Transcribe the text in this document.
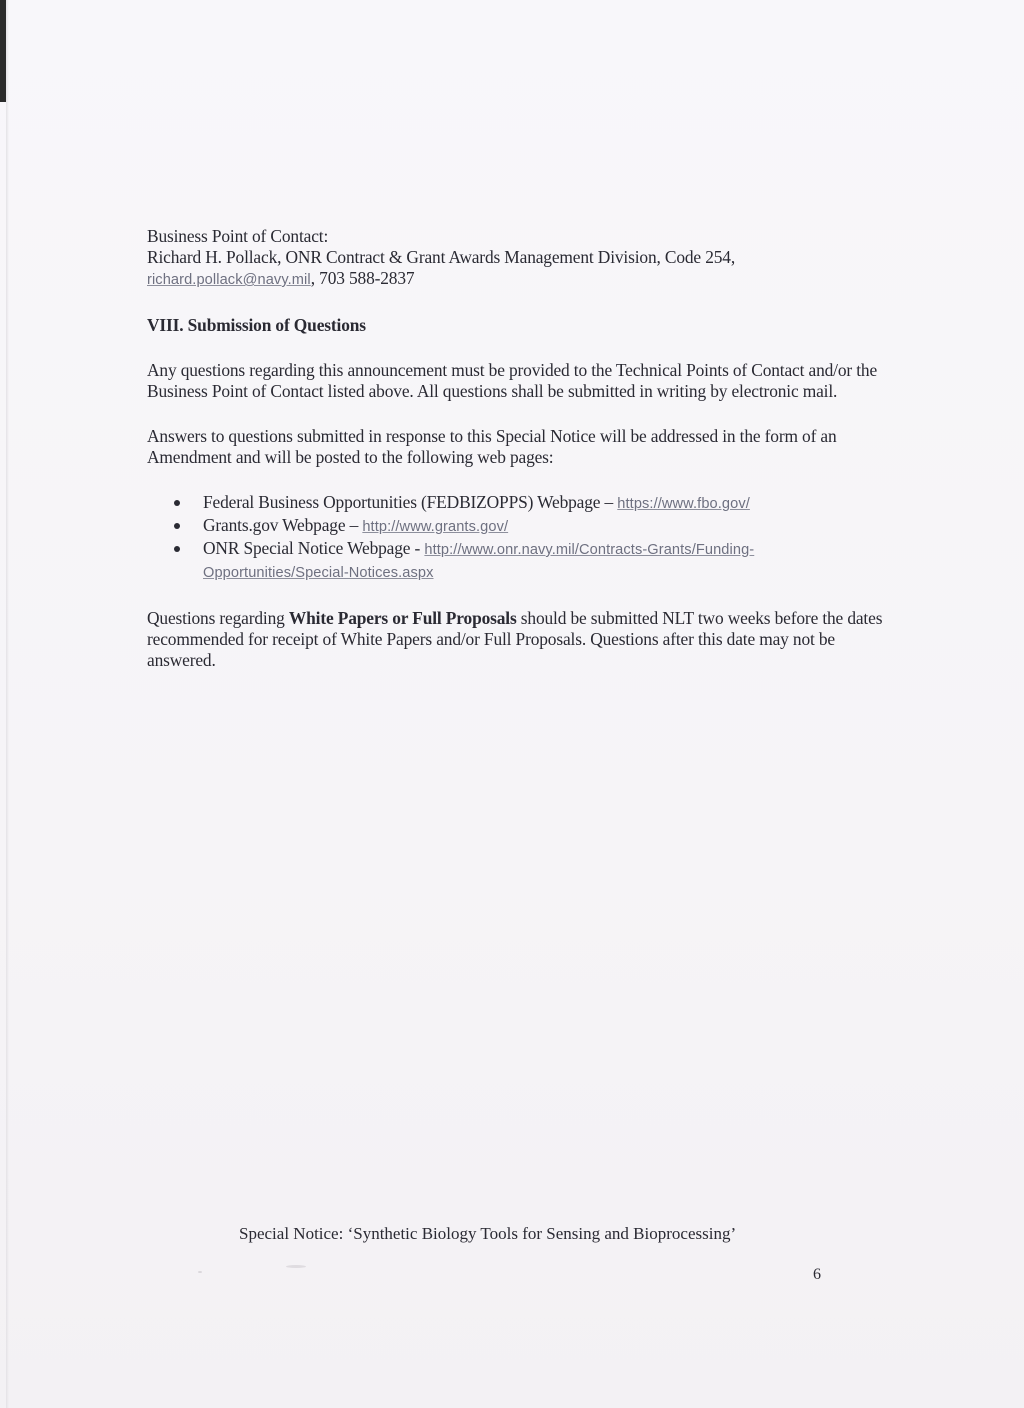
Business Point of Contact:
Richard H. Pollack, ONR Contract & Grant Awards Management Division, Code 254,
richard.pollack@navy.mil, 703 588-2837
VIII. Submission of Questions
Any questions regarding this announcement must be provided to the Technical Points of Contact and/or the Business Point of Contact listed above. All questions shall be submitted in writing by electronic mail.
Answers to questions submitted in response to this Special Notice will be addressed in the form of an Amendment and will be posted to the following web pages:
Federal Business Opportunities (FEDBIZOPPS) Webpage – https://www.fbo.gov/
Grants.gov Webpage – http://www.grants.gov/
ONR Special Notice Webpage - http://www.onr.navy.mil/Contracts-Grants/Funding-
Opportunities/Special-Notices.aspx
Questions regarding White Papers or Full Proposals should be submitted NLT two weeks before the dates recommended for receipt of White Papers and/or Full Proposals. Questions after this date may not be answered.
Special Notice: ‘Synthetic Biology Tools for Sensing and Bioprocessing’
6
